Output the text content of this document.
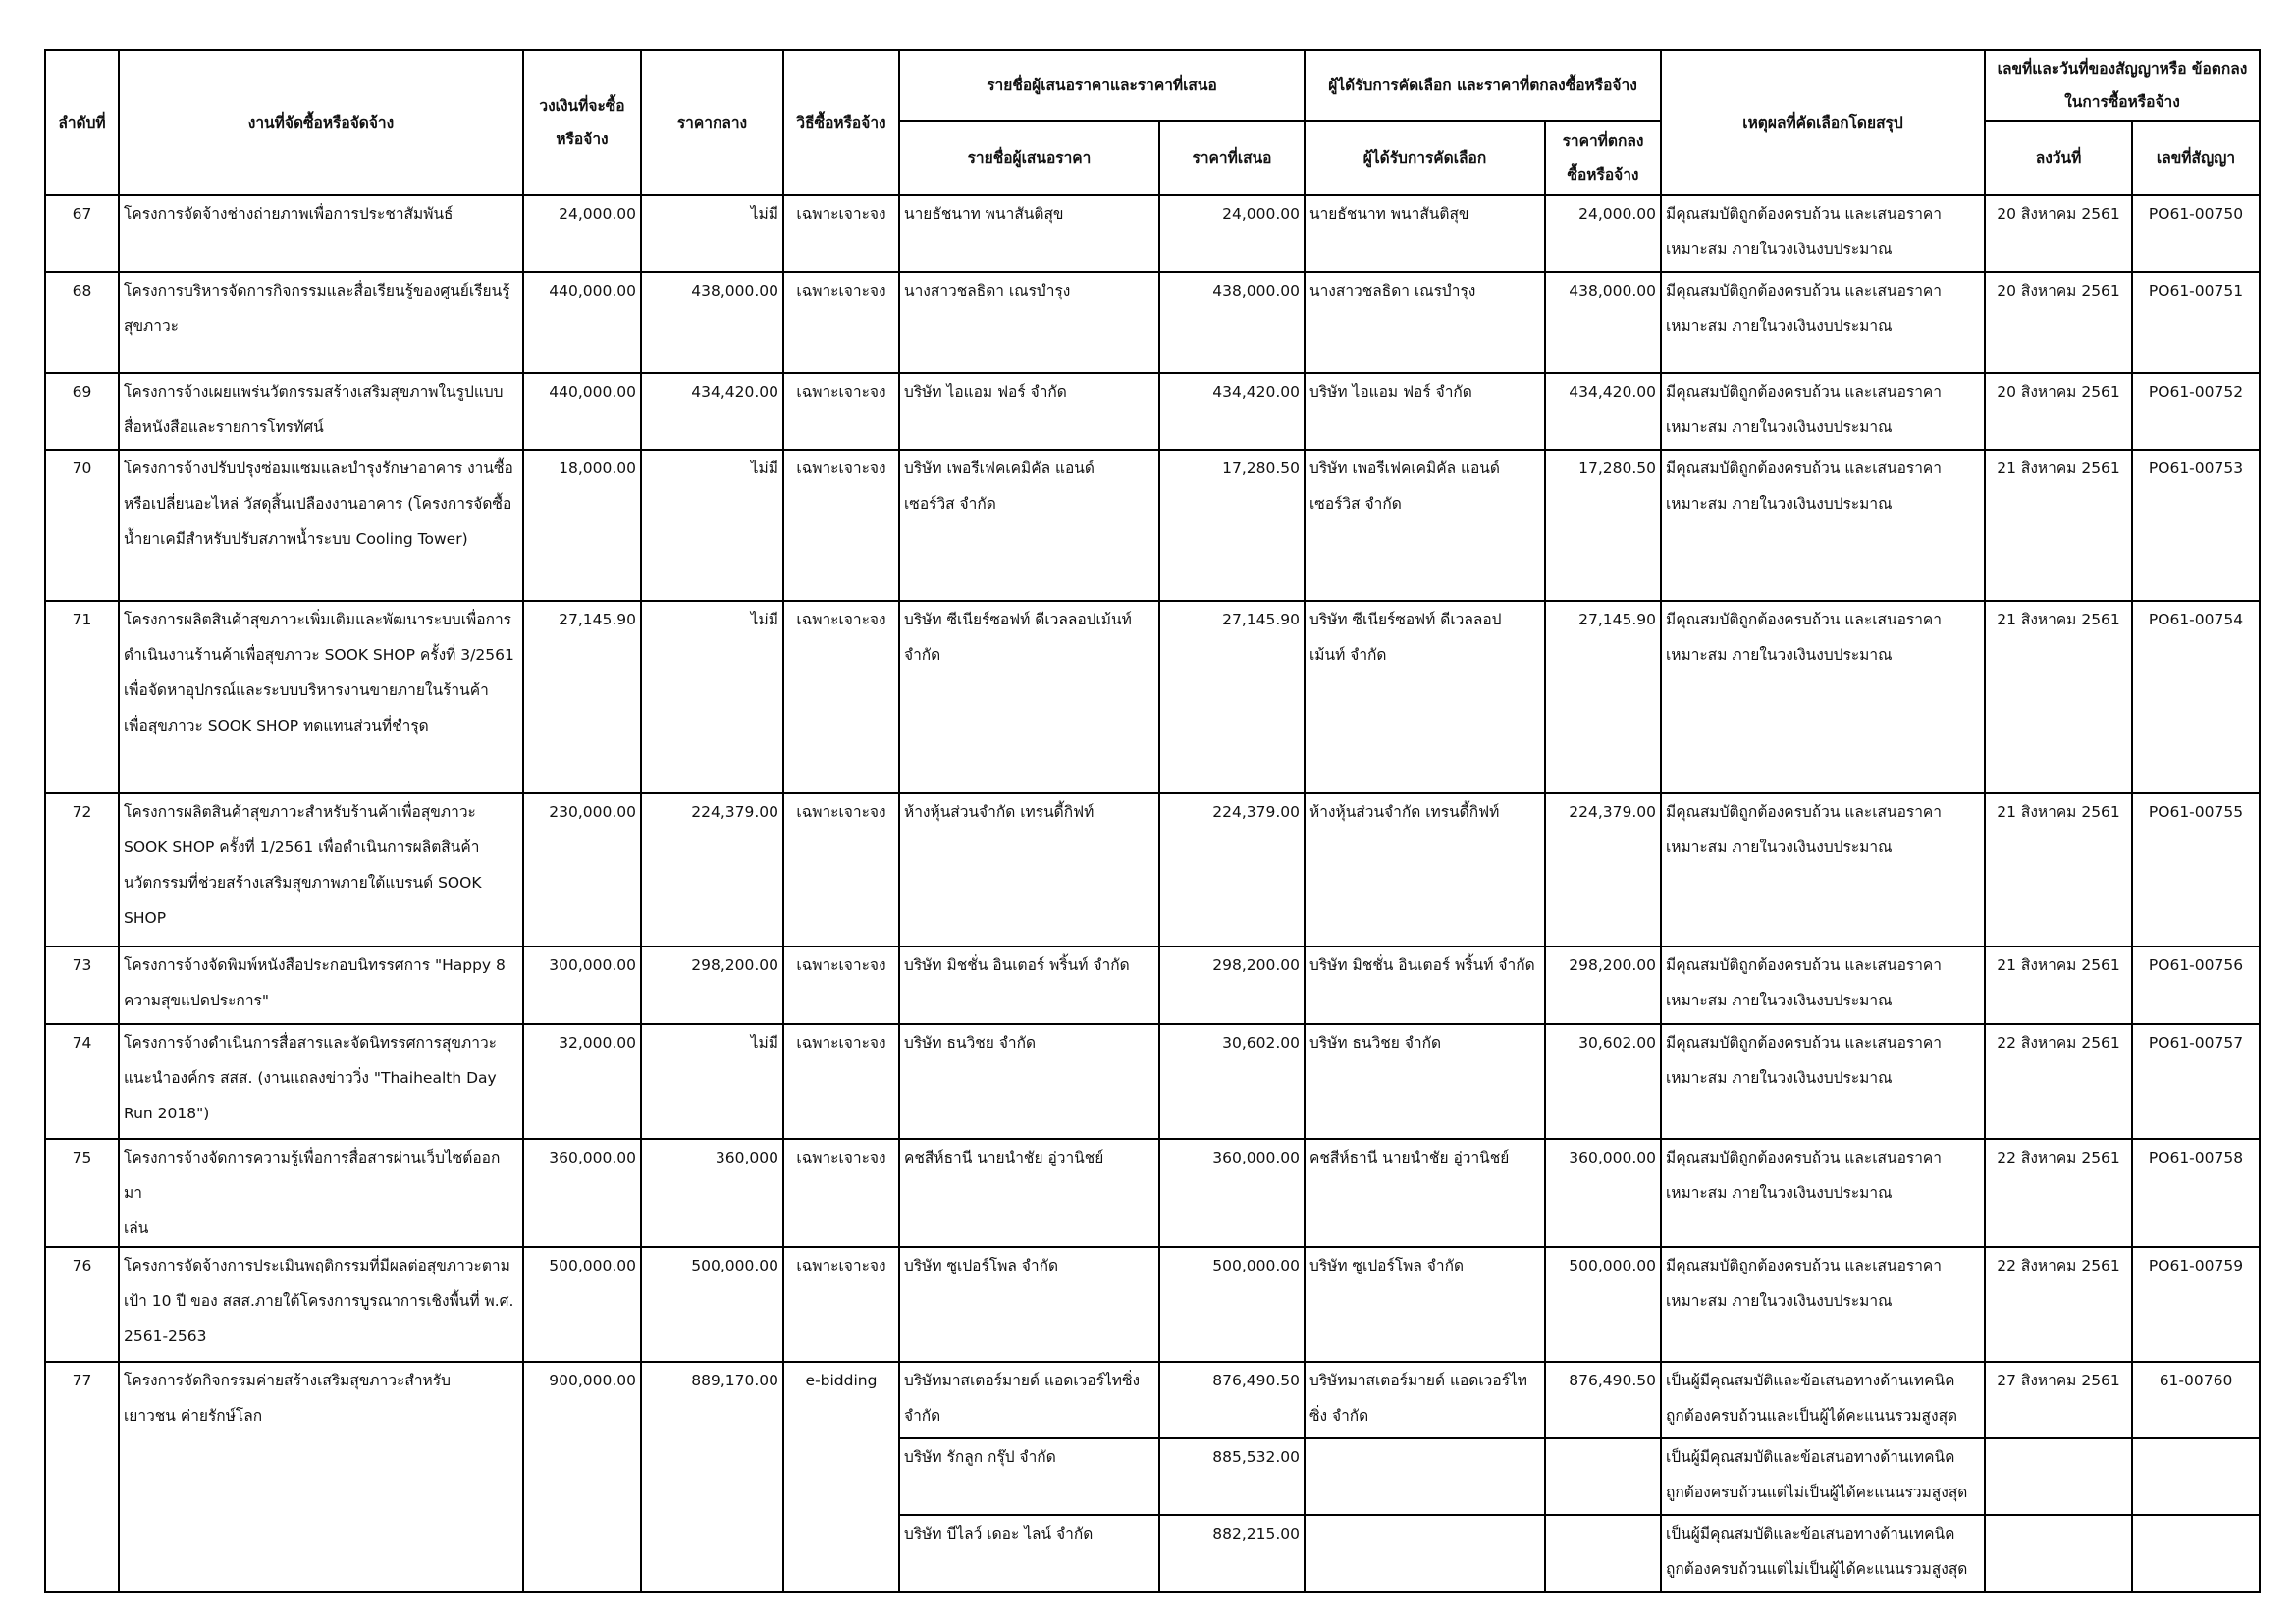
ลำดับที่	งานที่จัดซื้อหรือจัดจ้าง	วงเงินที่จะซื้อ หรือจ้าง	ราคากลาง	วิธีซื้อหรือจ้าง	รายชื่อผู้เสนอราคาและราคาที่เสนอ		ผู้ได้รับการคัดเลือก และราคาที่ตกลงซื้อหรือจ้าง		เหตุผลที่คัดเลือกโดยสรุป	เลขที่และวันที่ของสัญญาหรือ ข้อตกลงในการซื้อหรือจ้าง	
					รายชื่อผู้เสนอราคา	ราคาที่เสนอ	ผู้ได้รับการคัดเลือก	ราคาที่ตกลง ซื้อหรือจ้าง		ลงวันที่	เลขที่สัญญา
67	โครงการจัดจ้างช่างถ่ายภาพเพื่อการประชาสัมพันธ์	24,000.00	ไม่มี	เฉพาะเจาะจง	นายธัชนาท พนาสันติสุข	24,000.00	นายธัชนาท พนาสันติสุข	24,000.00	มีคุณสมบัติถูกต้องครบถ้วน และเสนอราคา
เหมาะสม ภายในวงเงินงบประมาณ	20 สิงหาคม 2561	PO61-00750
68	โครงการบริหารจัดการกิจกรรมและสื่อเรียนรู้ของศูนย์เรียนรู้
สุขภาวะ	440,000.00	438,000.00	เฉพาะเจาะจง	นางสาวชลธิดา เณรบำรุง	438,000.00	นางสาวชลธิดา เณรบำรุง	438,000.00	มีคุณสมบัติถูกต้องครบถ้วน และเสนอราคา
เหมาะสม ภายในวงเงินงบประมาณ	20 สิงหาคม 2561	PO61-00751
69	โครงการจ้างเผยแพร่นวัตกรรมสร้างเสริมสุขภาพในรูปแบบ
สื่อหนังสือและรายการโทรทัศน์	440,000.00	434,420.00	เฉพาะเจาะจง	บริษัท ไอแอม ฟอร์ จำกัด	434,420.00	บริษัท ไอแอม ฟอร์ จำกัด	434,420.00	มีคุณสมบัติถูกต้องครบถ้วน และเสนอราคา
เหมาะสม ภายในวงเงินงบประมาณ	20 สิงหาคม 2561	PO61-00752
70	โครงการจ้างปรับปรุงซ่อมแซมและบำรุงรักษาอาคาร งานซื้อ
หรือเปลี่ยนอะไหล่ วัสดุสิ้นเปลืองงานอาคาร (โครงการจัดซื้อ
น้ำยาเคมีสำหรับปรับสภาพน้ำระบบ Cooling Tower)	18,000.00	ไม่มี	เฉพาะเจาะจง	บริษัท เพอรีเฟคเคมิคัล แอนด์
เซอร์วิส จำกัด	17,280.50	บริษัท เพอรีเฟคเคมิคัล แอนด์
เซอร์วิส จำกัด	17,280.50	มีคุณสมบัติถูกต้องครบถ้วน และเสนอราคา
เหมาะสม ภายในวงเงินงบประมาณ	21 สิงหาคม 2561	PO61-00753
71	โครงการผลิตสินค้าสุขภาวะเพิ่มเติมและพัฒนาระบบเพื่อการ
ดำเนินงานร้านค้าเพื่อสุขภาวะ SOOK SHOP ครั้งที่ 3/2561
เพื่อจัดหาอุปกรณ์และระบบบริหารงานขายภายในร้านค้า
เพื่อสุขภาวะ SOOK SHOP ทดแทนส่วนที่ชำรุด	27,145.90	ไม่มี	เฉพาะเจาะจง	บริษัท ซีเนียร์ซอฟท์ ดีเวลลอปเม้นท์
จำกัด	27,145.90	บริษัท ซีเนียร์ซอฟท์ ดีเวลลอป
เม้นท์ จำกัด	27,145.90	มีคุณสมบัติถูกต้องครบถ้วน และเสนอราคา
เหมาะสม ภายในวงเงินงบประมาณ	21 สิงหาคม 2561	PO61-00754
72	โครงการผลิตสินค้าสุขภาวะสำหรับร้านค้าเพื่อสุขภาวะ
SOOK SHOP ครั้งที่ 1/2561 เพื่อดำเนินการผลิตสินค้า
นวัตกรรมที่ช่วยสร้างเสริมสุขภาพภายใต้แบรนด์ SOOK
SHOP	230,000.00	224,379.00	เฉพาะเจาะจง	ห้างหุ้นส่วนจำกัด เทรนดี้กิฟท์	224,379.00	ห้างหุ้นส่วนจำกัด เทรนดี้กิฟท์	224,379.00	มีคุณสมบัติถูกต้องครบถ้วน และเสนอราคา
เหมาะสม ภายในวงเงินงบประมาณ	21 สิงหาคม 2561	PO61-00755
73	โครงการจ้างจัดพิมพ์หนังสือประกอบนิทรรศการ "Happy 8
ความสุขแปดประการ"	300,000.00	298,200.00	เฉพาะเจาะจง	บริษัท มิชชั่น อินเตอร์ พริ้นท์ จำกัด	298,200.00	บริษัท มิชชั่น อินเตอร์ พริ้นท์ จำกัด	298,200.00	มีคุณสมบัติถูกต้องครบถ้วน และเสนอราคา
เหมาะสม ภายในวงเงินงบประมาณ	21 สิงหาคม 2561	PO61-00756
74	โครงการจ้างดำเนินการสื่อสารและจัดนิทรรศการสุขภาวะ
แนะนำองค์กร สสส. (งานแถลงข่าววิ่ง "Thaihealth Day
Run 2018")	32,000.00	ไม่มี	เฉพาะเจาะจง	บริษัท ธนวิชย จำกัด	30,602.00	บริษัท ธนวิชย จำกัด	30,602.00	มีคุณสมบัติถูกต้องครบถ้วน และเสนอราคา
เหมาะสม ภายในวงเงินงบประมาณ	22 สิงหาคม 2561	PO61-00757
75	โครงการจ้างจัดการความรู้เพื่อการสื่อสารผ่านเว็บไซต์ออกมา
เล่น	360,000.00	360,000	เฉพาะเจาะจง	คชสีห์ธานี นายนำชัย อู่วานิชย์	360,000.00	คชสีห์ธานี นายนำชัย อู่วานิชย์	360,000.00	มีคุณสมบัติถูกต้องครบถ้วน และเสนอราคา
เหมาะสม ภายในวงเงินงบประมาณ	22 สิงหาคม 2561	PO61-00758
76	โครงการจัดจ้างการประเมินพฤติกรรมที่มีผลต่อสุขภาวะตาม
เป้า 10 ปี ของ สสส.ภายใต้โครงการบูรณาการเชิงพื้นที่ พ.ศ.
2561-2563	500,000.00	500,000.00	เฉพาะเจาะจง	บริษัท ซูเปอร์โพล จำกัด	500,000.00	บริษัท ซูเปอร์โพล จำกัด	500,000.00	มีคุณสมบัติถูกต้องครบถ้วน และเสนอราคา
เหมาะสม ภายในวงเงินงบประมาณ	22 สิงหาคม 2561	PO61-00759
77	โครงการจัดกิจกรรมค่ายสร้างเสริมสุขภาวะสำหรับ
เยาวชน ค่ายรักษ์โลก	900,000.00	889,170.00	e-bidding	บริษัทมาสเตอร์มายด์ แอดเวอร์ไทซิ่ง
จำกัด	876,490.50	บริษัทมาสเตอร์มายด์ แอดเวอร์ไทซิ่ง จำกัด	876,490.50	เป็นผู้มีคุณสมบัติและข้อเสนอทางด้านเทคนิค
ถูกต้องครบถ้วนและเป็นผู้ได้คะแนนรวมสูงสุด	27 สิงหาคม 2561	61-00760
					บริษัท รักลูก กรุ๊ป จำกัด	885,532.00			เป็นผู้มีคุณสมบัติและข้อเสนอทางด้านเทคนิค
ถูกต้องครบถ้วนแต่ไม่เป็นผู้ได้คะแนนรวมสูงสุด		
					บริษัท บีไลว์ เดอะ ไลน์ จำกัด	882,215.00			เป็นผู้มีคุณสมบัติและข้อเสนอทางด้านเทคนิค
ถูกต้องครบถ้วนแต่ไม่เป็นผู้ได้คะแนนรวมสูงสุด		
